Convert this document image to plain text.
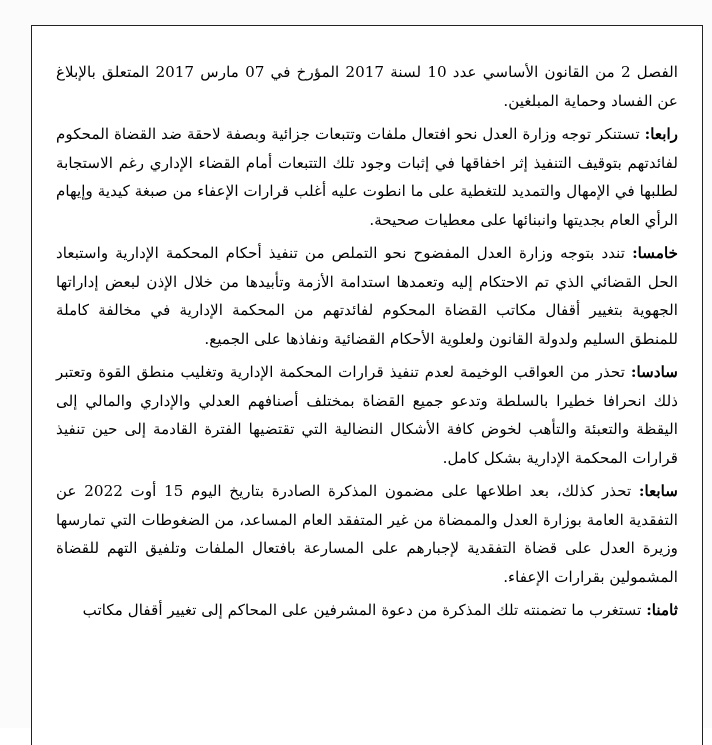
الفصل 2 من القانون الأساسي عدد 10 لسنة 2017 المؤرخ في 07 مارس 2017 المتعلق بالإبلاغ عن الفساد وحماية المبلغين.

رابعا: تستنكر توجه وزارة العدل نحو افتعال ملفات وتتبعات جزائية وبصفة لاحقة ضد القضاة المحكوم لفائدتهم بتوقيف التنفيذ إثر اخفاقها في إثبات وجود تلك التتبعات أمام القضاء الإداري رغم الاستجابة لطلبها في الإمهال والتمديد للتغطية على ما انطوت عليه أغلب قرارات الإعفاء من صبغة كيدية وإيهام الرأي العام بجديتها وانبنائها على معطيات صحيحة.

خامسا: تندد بتوجه وزارة العدل المفضوح نحو التملص من تنفيذ أحكام المحكمة الإدارية واستبعاد الحل القضائي الذي تم الاحتكام إليه وتعمدها استدامة الأزمة وتأبيدها من خلال الإذن لبعض إداراتها الجهوية بتغيير أقفال مكاتب القضاة المحكوم لفائدتهم من المحكمة الإدارية في مخالفة كاملة للمنطق السليم ولدولة القانون ولعلوية الأحكام القضائية ونفاذها على الجميع.

سادسا: تحذر من العواقب الوخيمة لعدم تنفيذ قرارات المحكمة الإدارية وتغليب منطق القوة وتعتبر ذلك انحرافا خطيرا بالسلطة وتدعو جميع القضاة بمختلف أصنافهم العدلي والإداري والمالي إلى اليقظة والتعبئة والتأهب لخوض كافة الأشكال النضالية التي تقتضيها الفترة القادمة إلى حين تنفيذ قرارات المحكمة الإدارية بشكل كامل.

سابعا: تحذر كذلك، بعد اطلاعها على مضمون المذكرة الصادرة بتاريخ اليوم 15 أوت 2022 عن التفقدية العامة بوزارة العدل والممضاة من غير المتفقد العام المساعد، من الضغوطات التي تمارسها وزيرة العدل على قضاة التفقدية لإجبارهم على المسارعة بافتعال الملفات وتلفيق التهم للقضاة المشمولين بقرارات الإعفاء.

ثامنا: تستغرب ما تضمنته تلك المذكرة من دعوة المشرفين على المحاكم إلى تغيير أقفال مكاتب
